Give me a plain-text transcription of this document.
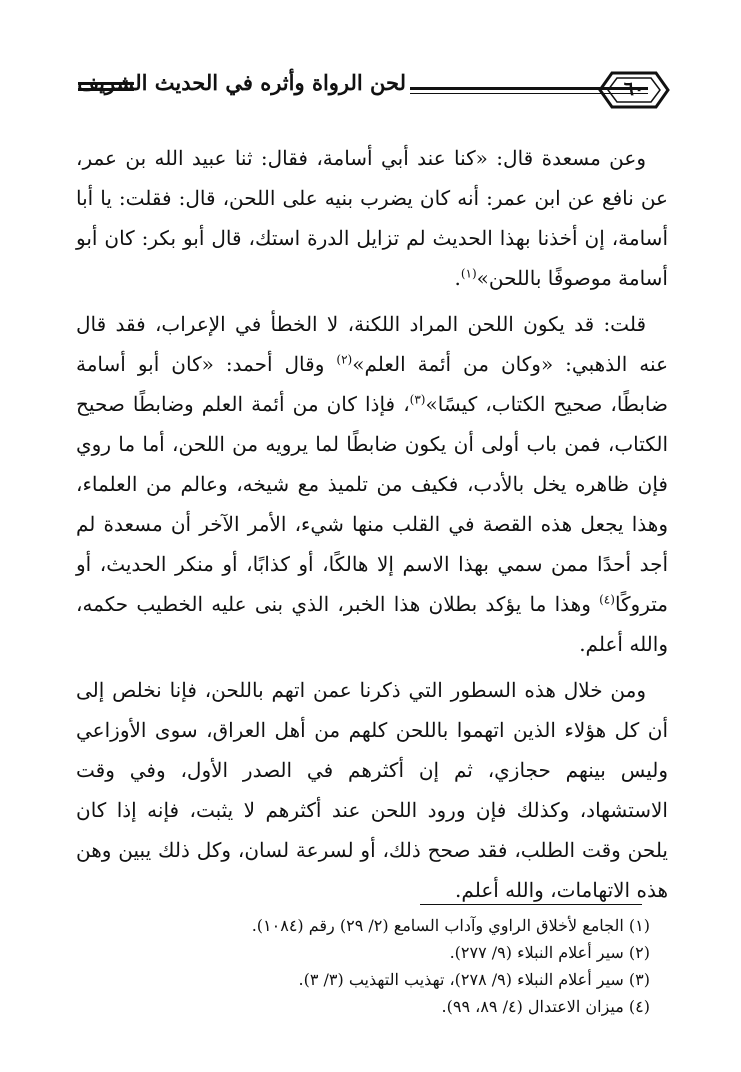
لحن الرواة وأثره في الحديث الشريف	٦٠

وعن مسعدة قال: «كنا عند أبي أسامة، فقال: ثنا عبيد الله بن عمر، عن نافع عن ابن عمر: أنه كان يضرب بنيه على اللحن، قال: فقلت: يا أبا أسامة، إن أخذنا بهذا الحديث لم تزايل الدرة استك، قال أبو بكر: كان أبو أسامة موصوفًا باللحن»$^{(١)}$.

قلت: قد يكون اللحن المراد اللكنة، لا الخطأ في الإعراب، فقد قال عنه الذهبي: «وكان من أئمة العلم»$^{(٢)}$ وقال أحمد: «كان أبو أسامة ضابطًا، صحيح الكتاب، كيسًا»$^{(٣)}$، فإذا كان من أئمة العلم وضابطًا صحيح الكتاب، فمن باب أولى أن يكون ضابطًا لما يرويه من اللحن، أما ما روي فإن ظاهره يخل بالأدب، فكيف من تلميذ مع شيخه، وعالم من العلماء، وهذا يجعل هذه القصة في القلب منها شيء، الأمر الآخر أن مسعدة لم أجد أحدًا ممن سمي بهذا الاسم إلا هالكًا، أو كذابًا، أو منكر الحديث، أو متروكًا$^{(٤)}$ وهذا ما يؤكد بطلان هذا الخبر، الذي بنى عليه الخطيب حكمه، والله أعلم.

ومن خلال هذه السطور التي ذكرنا عمن اتهم باللحن، فإنا نخلص إلى أن كل هؤلاء الذين اتهموا باللحن كلهم من أهل العراق، سوى الأوزاعي وليس بينهم حجازي، ثم إن أكثرهم في الصدر الأول، وفي وقت الاستشهاد، وكذلك فإن ورود اللحن عند أكثرهم لا يثبت، فإنه إذا كان يلحن وقت الطلب، فقد صحح ذلك، أو لسرعة لسان، وكل ذلك يبين وهن هذه الاتهامات، والله أعلم.

(١) الجامع لأخلاق الراوي وآداب السامع (٢/ ٢٩) رقم (١٠٨٤).
(٢) سير أعلام النبلاء (٩/ ٢٧٧).
(٣) سير أعلام النبلاء (٩/ ٢٧٨)، تهذيب التهذيب (٣/ ٣).
(٤) ميزان الاعتدال (٤/ ٨٩، ٩٩).
